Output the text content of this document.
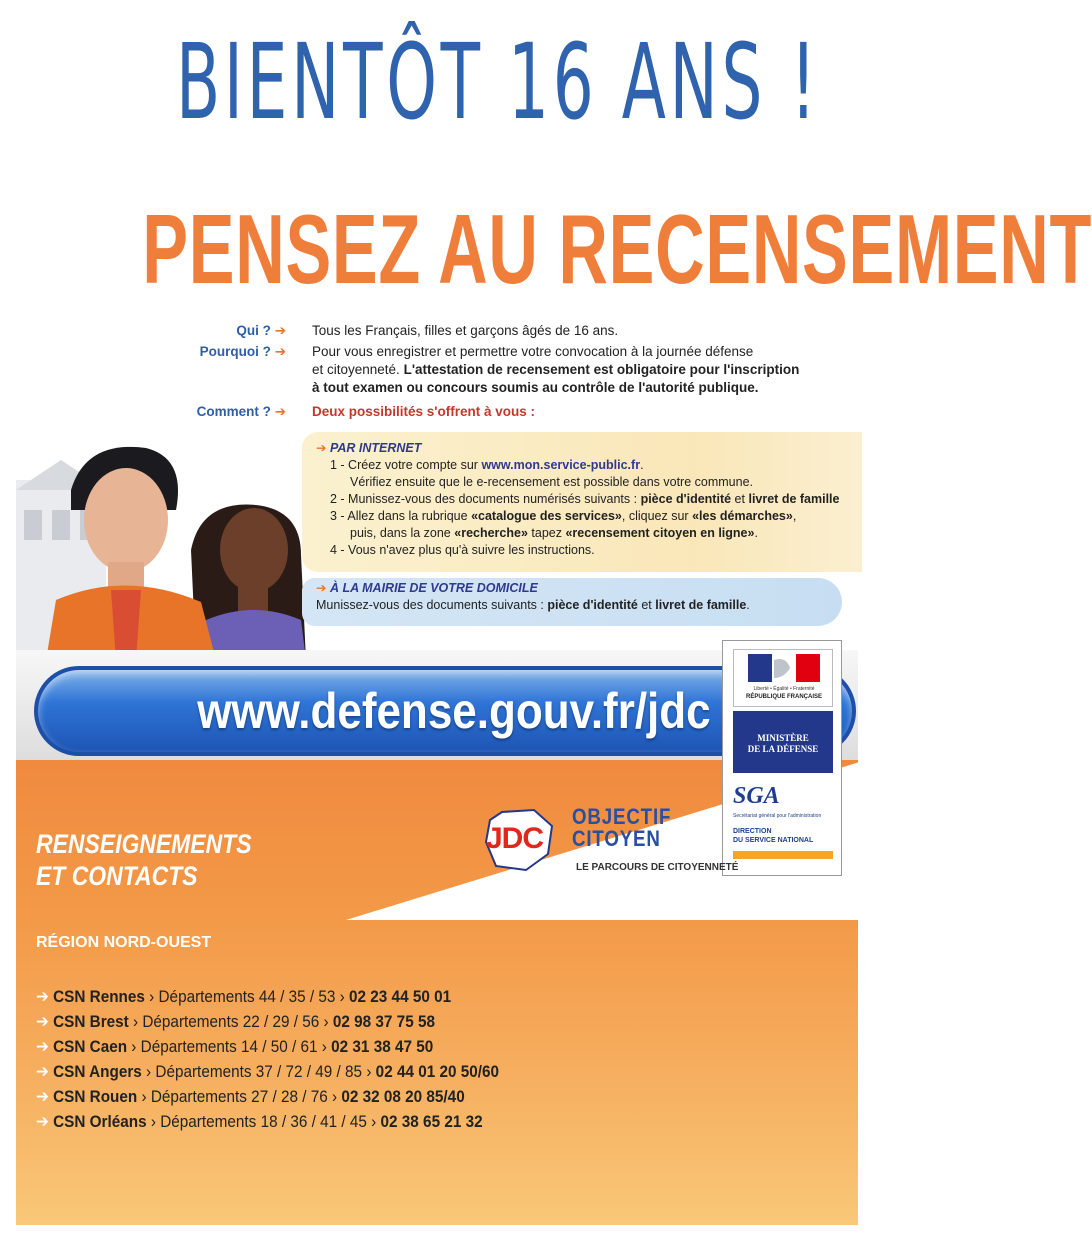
BIENTÔT 16 ANS !
PENSEZ AU RECENSEMENT
Qui ? ➔ Tous les Français, filles et garçons âgés de 16 ans.
Pourquoi ? ➔ Pour vous enregistrer et permettre votre convocation à la journée défense
et citoyenneté. L'attestation de recensement est obligatoire pour l'inscription
à tout examen ou concours soumis au contrôle de l'autorité publique.
Comment ? ➔ Deux possibilités s'offrent à vous :
➔ PAR INTERNET
1 - Créez votre compte sur www.mon.service-public.fr.
Vérifiez ensuite que le e-recensement est possible dans votre commune.
2 - Munissez-vous des documents numérisés suivants : pièce d'identité et livret de famille
3 - Allez dans la rubrique «catalogue des services», cliquez sur «les démarches»,
puis, dans la zone «recherche» tapez «recensement citoyen en ligne».
4 - Vous n'avez plus qu'à suivre les instructions.
➔ À LA MAIRIE DE VOTRE DOMICILE
Munissez-vous des documents suivants : pièce d'identité et livret de famille.
www.defense.gouv.fr/jdc	Liberté • Égalité • Fraternité
RÉPUBLIQUE FRANÇAISE
MINISTÈRE
DE LA DÉFENSE
SGA
Secrétariat général pour l'administration
DIRECTION
DU SERVICE NATIONAL
JDC
OBJECTIF
CITOYEN
LE PARCOURS DE CITOYENNETÉ
RENSEIGNEMENTS
ET CONTACTS
RÉGION NORD-OUEST
➔ CSN Rennes › Départements 44 / 35 / 53 › 02 23 44 50 01
➔ CSN Brest › Départements 22 / 29 / 56 › 02 98 37 75 58
➔ CSN Caen › Départements 14 / 50 / 61 › 02 31 38 47 50
➔ CSN Angers › Départements 37 / 72 / 49 / 85 › 02 44 01 20 50/60
➔ CSN Rouen › Départements 27 / 28 / 76 › 02 32 08 20 85/40
➔ CSN Orléans › Départements 18 / 36 / 41 / 45 › 02 38 65 21 32
